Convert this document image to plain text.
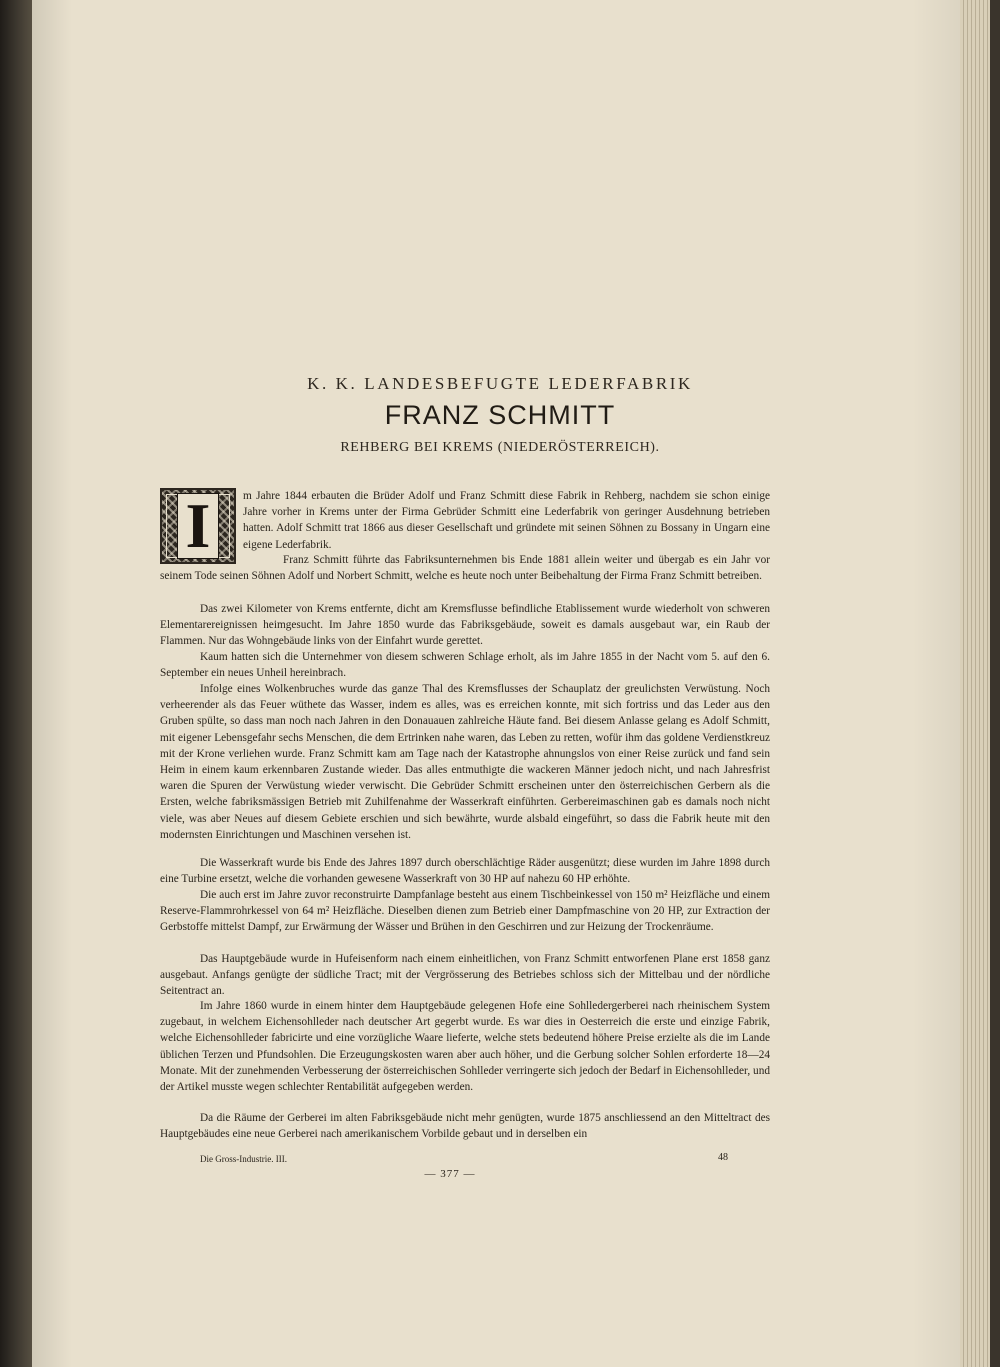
K. K. LANDESBEFUGTE LEDERFABRIK
FRANZ SCHMITT
REHBERG BEI KREMS (NIEDERÖSTERREICH).
I	m Jahre 1844 erbauten die Brüder Adolf und Franz Schmitt diese Fabrik in Rehberg, nachdem sie schon einige Jahre vorher in Krems unter der Firma Gebrüder Schmitt eine Lederfabrik von geringer Ausdehnung betrieben hatten. Adolf Schmitt trat 1866 aus dieser Gesellschaft und gründete mit seinen Söhnen zu Bossany in Ungarn eine eigene Lederfabrik.

Franz Schmitt führte das Fabriksunternehmen bis Ende 1881 allein weiter und übergab es ein Jahr vor seinem Tode seinen Söhnen Adolf und Norbert Schmitt, welche es heute noch unter Beibehaltung der Firma Franz Schmitt betreiben.

Das zwei Kilometer von Krems entfernte, dicht am Kremsflusse befindliche Etablissement wurde wiederholt von schweren Elementarereignissen heimgesucht. Im Jahre 1850 wurde das Fabriksgebäude, soweit es damals ausgebaut war, ein Raub der Flammen. Nur das Wohngebäude links von der Einfahrt wurde gerettet.

Kaum hatten sich die Unternehmer von diesem schweren Schlage erholt, als im Jahre 1855 in der Nacht vom 5. auf den 6. September ein neues Unheil hereinbrach.

Infolge eines Wolkenbruches wurde das ganze Thal des Kremsflusses der Schauplatz der greulichsten Verwüstung. Noch verheerender als das Feuer wüthete das Wasser, indem es alles, was es erreichen konnte, mit sich fortriss und das Leder aus den Gruben spülte, so dass man noch nach Jahren in den Donauauen zahlreiche Häute fand. Bei diesem Anlasse gelang es Adolf Schmitt, mit eigener Lebensgefahr sechs Menschen, die dem Ertrinken nahe waren, das Leben zu retten, wofür ihm das goldene Verdienstkreuz mit der Krone verliehen wurde. Franz Schmitt kam am Tage nach der Katastrophe ahnungslos von einer Reise zurück und fand sein Heim in einem kaum erkennbaren Zustande wieder. Das alles entmuthigte die wackeren Männer jedoch nicht, und nach Jahresfrist waren die Spuren der Verwüstung wieder verwischt. Die Gebrüder Schmitt erscheinen unter den österreichischen Gerbern als die Ersten, welche fabriksmässigen Betrieb mit Zuhilfenahme der Wasserkraft einführten. Gerbereimaschinen gab es damals noch nicht viele, was aber Neues auf diesem Gebiete erschien und sich bewährte, wurde alsbald eingeführt, so dass die Fabrik heute mit den modernsten Einrichtungen und Maschinen versehen ist.

Die Wasserkraft wurde bis Ende des Jahres 1897 durch oberschlächtige Räder ausgenützt; diese wurden im Jahre 1898 durch eine Turbine ersetzt, welche die vorhanden gewesene Wasserkraft von 30 HP auf nahezu 60 HP erhöhte.

Die auch erst im Jahre zuvor reconstruirte Dampfanlage besteht aus einem Tischbeinkessel von 150 m² Heizfläche und einem Reserve-Flammrohrkessel von 64 m² Heizfläche. Dieselben dienen zum Betrieb einer Dampfmaschine von 20 HP, zur Extraction der Gerbstoffe mittelst Dampf, zur Erwärmung der Wässer und Brühen in den Geschirren und zur Heizung der Trockenräume.

Das Hauptgebäude wurde in Hufeisenform nach einem einheitlichen, von Franz Schmitt entworfenen Plane erst 1858 ganz ausgebaut. Anfangs genügte der südliche Tract; mit der Vergrösserung des Betriebes schloss sich der Mittelbau und der nördliche Seitentract an.

Im Jahre 1860 wurde in einem hinter dem Hauptgebäude gelegenen Hofe eine Sohlledergerberei nach rheinischem System zugebaut, in welchem Eichensohlleder nach deutscher Art gegerbt wurde. Es war dies in Oesterreich die erste und einzige Fabrik, welche Eichensohlleder fabricirte und eine vorzügliche Waare lieferte, welche stets bedeutend höhere Preise erzielte als die im Lande üblichen Terzen und Pfundsohlen. Die Erzeugungskosten waren aber auch höher, und die Gerbung solcher Sohlen erforderte 18—24 Monate. Mit der zunehmenden Verbesserung der österreichischen Sohlleder verringerte sich jedoch der Bedarf in Eichensohlleder, und der Artikel musste wegen schlechter Rentabilität aufgegeben werden.

Da die Räume der Gerberei im alten Fabriksgebäude nicht mehr genügten, wurde 1875 anschliessend an den Mitteltract des Hauptgebäudes eine neue Gerberei nach amerikanischem Vorbilde gebaut und in derselben ein

Die Gross-Industrie. III.	48
— 377 —
